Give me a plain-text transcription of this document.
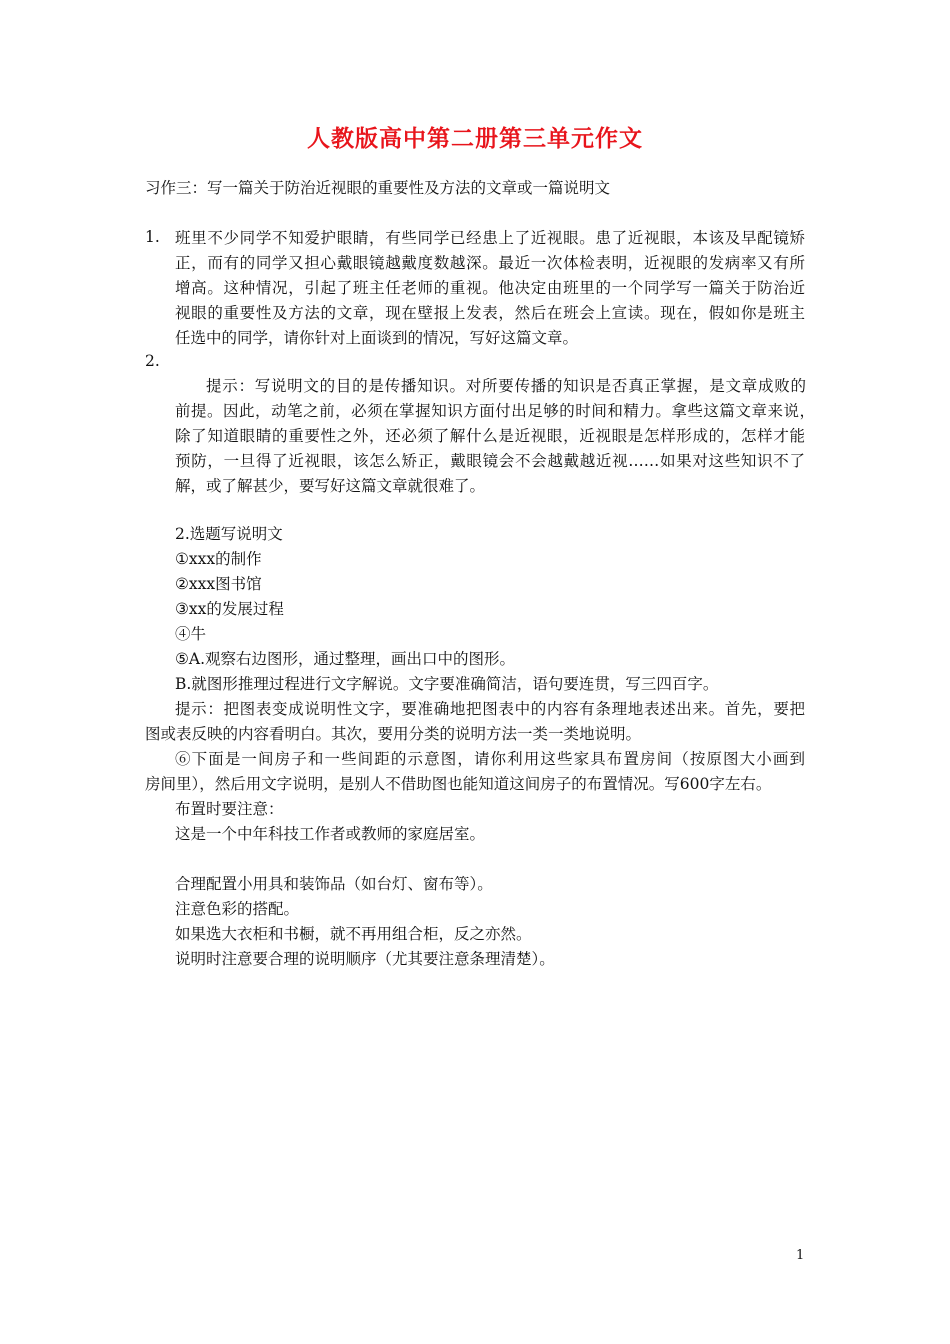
人教版高中第二册第三单元作文
习作三：写一篇关于防治近视眼的重要性及方法的文章或一篇说明文
1. 班里不少同学不知爱护眼睛，有些同学已经患上了近视眼。患了近视眼，本该及早配镜矫
正，而有的同学又担心戴眼镜越戴度数越深。最近一次体检表明，近视眼的发病率又有所
增高。这种情况，引起了班主任老师的重视。他决定由班里的一个同学写一篇关于防治近
视眼的重要性及方法的文章，现在壁报上发表，然后在班会上宣读。现在，假如你是班主
任选中的同学，请你针对上面谈到的情况，写好这篇文章。
2.
提示：写说明文的目的是传播知识。对所要传播的知识是否真正掌握，是文章成败的
前提。因此，动笔之前，必须在掌握知识方面付出足够的时间和精力。拿些这篇文章来说，
除了知道眼睛的重要性之外，还必须了解什么是近视眼，近视眼是怎样形成的，怎样才能
预防，一旦得了近视眼，该怎么矫正，戴眼镜会不会越戴越近视……如果对这些知识不了
解，或了解甚少，要写好这篇文章就很难了。
2.选题写说明文
①xxx的制作
②xxx图书馆
③xx的发展过程
④牛
⑤A.观察右边图形，通过整理，画出口中的图形。
B.就图形推理过程进行文字解说。文字要准确简洁，语句要连贯，写三四百字。
提示：把图表变成说明性文字，要准确地把图表中的内容有条理地表述出来。首先，要把
图或表反映的内容看明白。其次，要用分类的说明方法一类一类地说明。
⑥下面是一间房子和一些间距的示意图，请你利用这些家具布置房间（按原图大小画到
房间里），然后用文字说明，是别人不借助图也能知道这间房子的布置情况。写600字左右。
布置时要注意：
这是一个中年科技工作者或教师的家庭居室。
合理配置小用具和装饰品（如台灯、窗布等）。
注意色彩的搭配。
如果选大衣柜和书橱，就不再用组合柜，反之亦然。
说明时注意要合理的说明顺序（尤其要注意条理清楚）。
1
